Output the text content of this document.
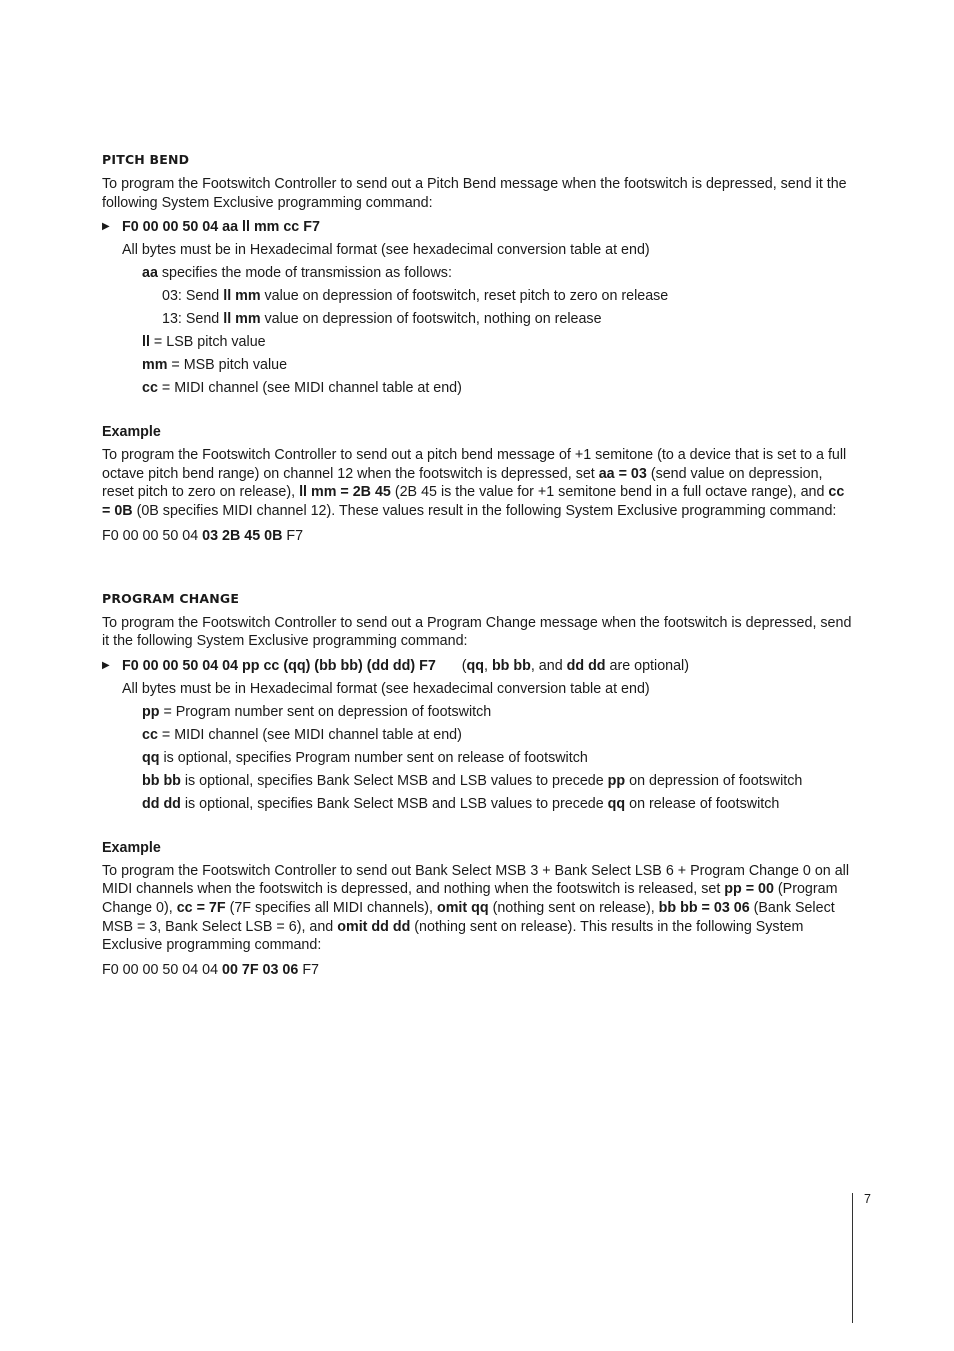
PITCH BEND

To program the Footswitch Controller to send out a Pitch Bend message when the footswitch is depressed, send it the following System Exclusive programming command:

▶ F0 00 00 50 04 aa ll mm cc F7

All bytes must be in Hexadecimal format (see hexadecimal conversion table at end)

aa specifies the mode of transmission as follows:

03: Send ll mm value on depression of footswitch, reset pitch to zero on release

13: Send ll mm value on depression of footswitch, nothing on release

ll = LSB pitch value

mm = MSB pitch value

cc = MIDI channel (see MIDI channel table at end)

Example

To program the Footswitch Controller to send out a pitch bend message of +1 semitone (to a device that is set to a full octave pitch bend range) on channel 12 when the footswitch is depressed, set aa = 03 (send value on depression, reset pitch to zero on release), ll mm = 2B 45 (2B 45 is the value for +1 semitone bend in a full octave range), and cc = 0B (0B specifies MIDI channel 12). These values result in the following System Exclusive programming command:

F0 00 00 50 04 03 2B 45 0B F7

PROGRAM CHANGE

To program the Footswitch Controller to send out a Program Change message when the footswitch is depressed, send it the following System Exclusive programming command:

▶ F0 00 00 50 04 04 pp cc (qq) (bb bb) (dd dd) F7 (qq, bb bb, and dd dd are optional)

All bytes must be in Hexadecimal format (see hexadecimal conversion table at end)

pp = Program number sent on depression of footswitch

cc = MIDI channel (see MIDI channel table at end)

qq is optional, specifies Program number sent on release of footswitch

bb bb is optional, specifies Bank Select MSB and LSB values to precede pp on depression of footswitch

dd dd is optional, specifies Bank Select MSB and LSB values to precede qq on release of footswitch

Example

To program the Footswitch Controller to send out Bank Select MSB 3 + Bank Select LSB 6 + Program Change 0 on all MIDI channels when the footswitch is depressed, and nothing when the footswitch is released, set pp = 00 (Program Change 0), cc = 7F (7F specifies all MIDI channels), omit qq (nothing sent on release), bb bb = 03 06 (Bank Select MSB = 3, Bank Select LSB = 6), and omit dd dd (nothing sent on release). This results in the following System Exclusive programming command:

F0 00 00 50 04 04 00 7F 03 06 F7

7
